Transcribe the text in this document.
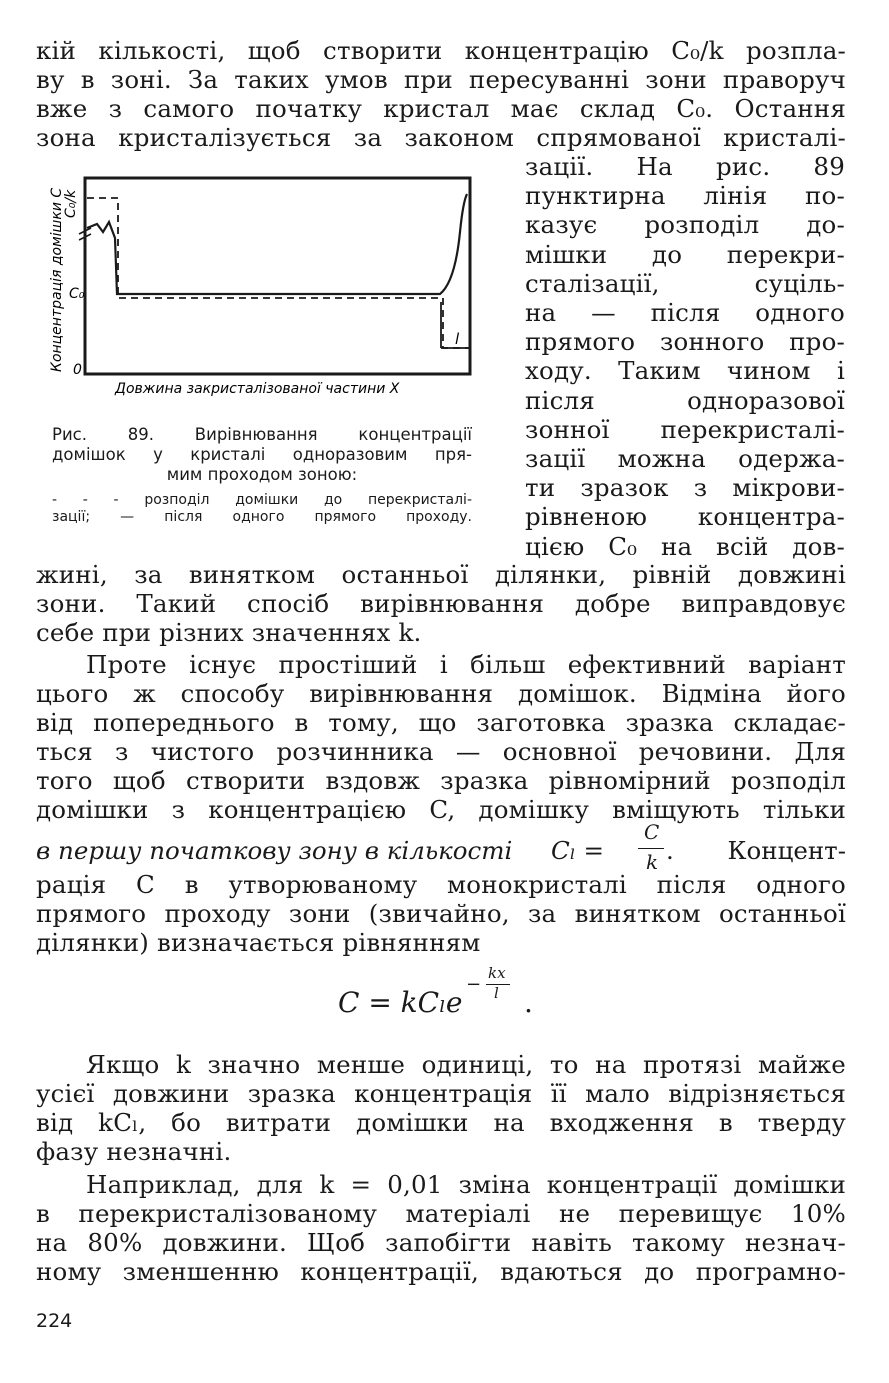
кій кількості, щоб створити концентрацію C₀/k розпла-
ву в зоні. За таких умов при пересуванні зони праворуч
вже з самого початку кристал має склад C₀. Остання
зона кристалізується за законом спрямованої кристалі-
зації. На рис. 89
пунктирна лінія по-
казує розподіл до-
мішки до перекри-
сталізації, суціль-
на — після одного
прямого зонного про-
ходу. Таким чином і
після одноразової
зонної перекристалі-
зації можна одержа-
ти зразок з мікрови-
рівненою концентра-
цією C₀ на всій дов-
l
C₀/k
C₀
0
Концентрація домішки C
Довжина закристалізованої частини X
Рис. 89. Вирівнювання концентрації
домішок у кристалі одноразовим пря-
мим проходом зоною:
- - - розподіл домішки до перекристалі-
зації; — після одного прямого проходу.
жині, за винятком останньої ділянки, рівній довжині
зони. Такий спосіб вирівнювання добре виправдовує
себе при різних значеннях k.
Проте існує простіший і більш ефективний варіант
цього ж способу вирівнювання домішок. Відміна його
від попереднього в тому, що заготовка зразка складає-
ться з чистого розчинника — основної речовини. Для
того щоб створити вздовж зразка рівномірний розподіл
домішки з концентрацією C, домішку вміщують тільки
в першу початкову зону в кількості Cₗ =
C
k .	Концент-
рація C в утворюваному монокристалі після одного
прямого проходу зони (звичайно, за винятком останньої
ділянки) визначається рівнянням
C = kCₗe
−
kx
l .
Якщо k значно менше одиниці, то на протязі майже
усієї довжини зразка концентрація її мало відрізняється
від kCₗ, бо витрати домішки на входження в тверду
фазу незначні.
Наприклад, для k = 0,01 зміна концентрації домішки
в перекристалізованому матеріалі не перевищує 10%
на 80% довжини. Щоб запобігти навіть такому незнач-
ному зменшенню концентрації, вдаються до програмно-
224
